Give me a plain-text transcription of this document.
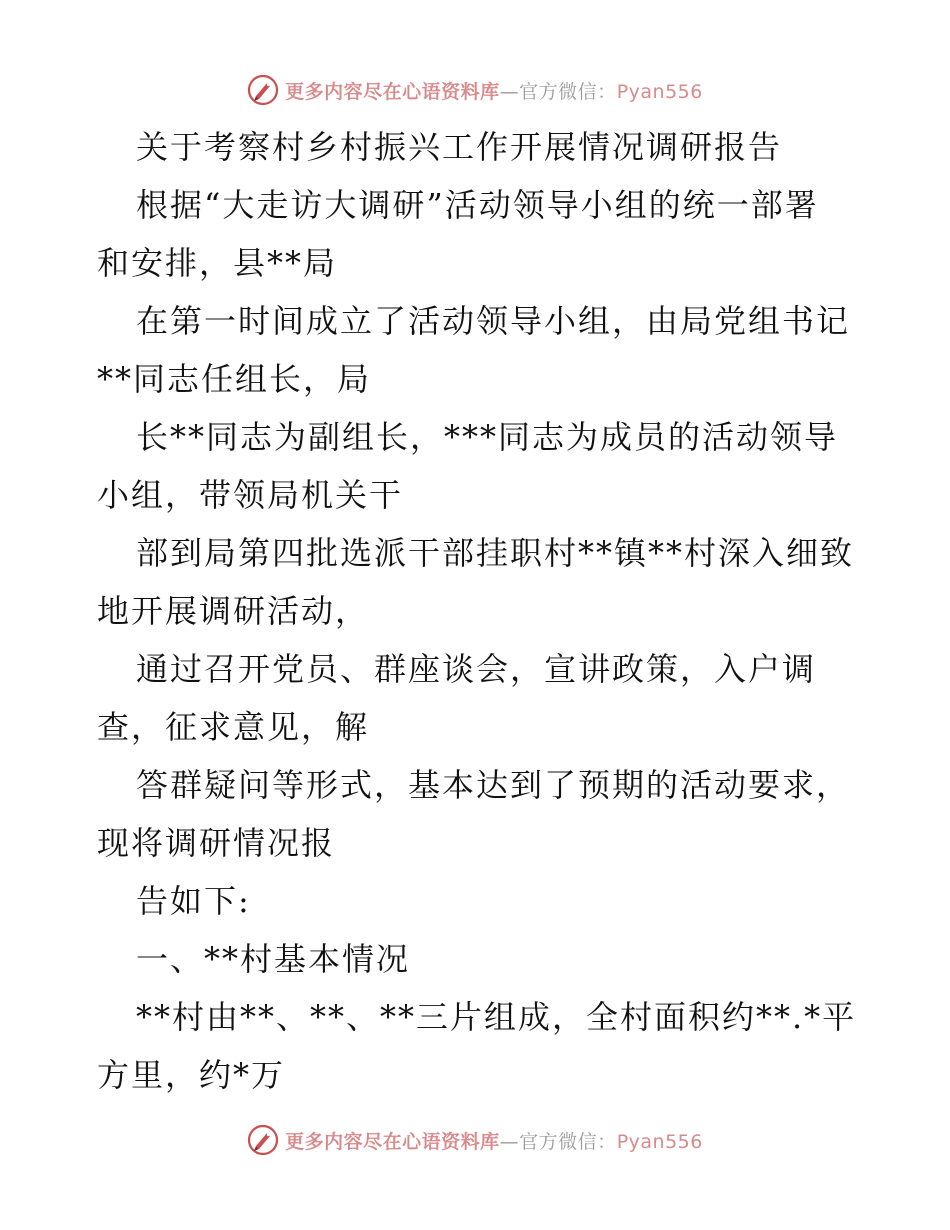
更多内容尽在心语资料库—官方微信：Pyan556
关于考察村乡村振兴工作开展情况调研报告
根据“大走访大调研”活动领导小组的统一部署
和安排，县**局
在第一时间成立了活动领导小组，由局党组书记
**同志任组长，局
长**同志为副组长，***同志为成员的活动领导
小组，带领局机关干
部到局第四批选派干部挂职村**镇**村深入细致
地开展调研活动，
通过召开党员、群座谈会，宣讲政策，入户调
查，征求意见，解
答群疑问等形式，基本达到了预期的活动要求，
现将调研情况报
告如下:
一、**村基本情况
**村由**、**、**三片组成，全村面积约**.*平
方里，约*万
更多内容尽在心语资料库—官方微信：Pyan556
